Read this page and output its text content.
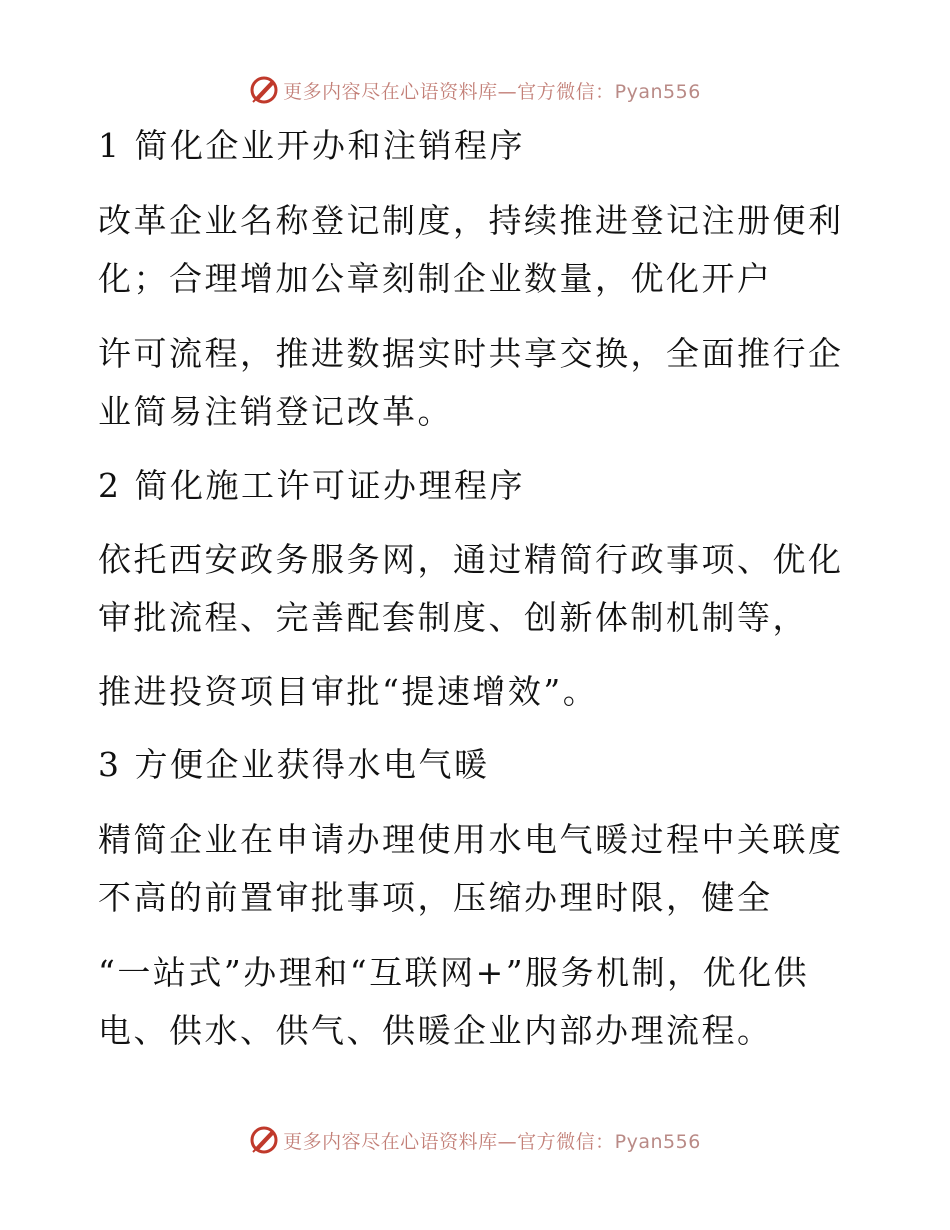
更多内容尽在心语资料库—官方微信：Pyan556
1 简化企业开办和注销程序
改革企业名称登记制度，持续推进登记注册便利
化；合理增加公章刻制企业数量，优化开户
许可流程，推进数据实时共享交换，全面推行企
业简易注销登记改革。
2 简化施工许可证办理程序
依托西安政务服务网，通过精简行政事项、优化
审批流程、完善配套制度、创新体制机制等，
推进投资项目审批“提速增效”。
3 方便企业获得水电气暖
精简企业在申请办理使用水电气暖过程中关联度
不高的前置审批事项，压缩办理时限，健全
“一站式”办理和“互联网+”服务机制，优化供
电、供水、供气、供暖企业内部办理流程。
更多内容尽在心语资料库—官方微信：Pyan556
